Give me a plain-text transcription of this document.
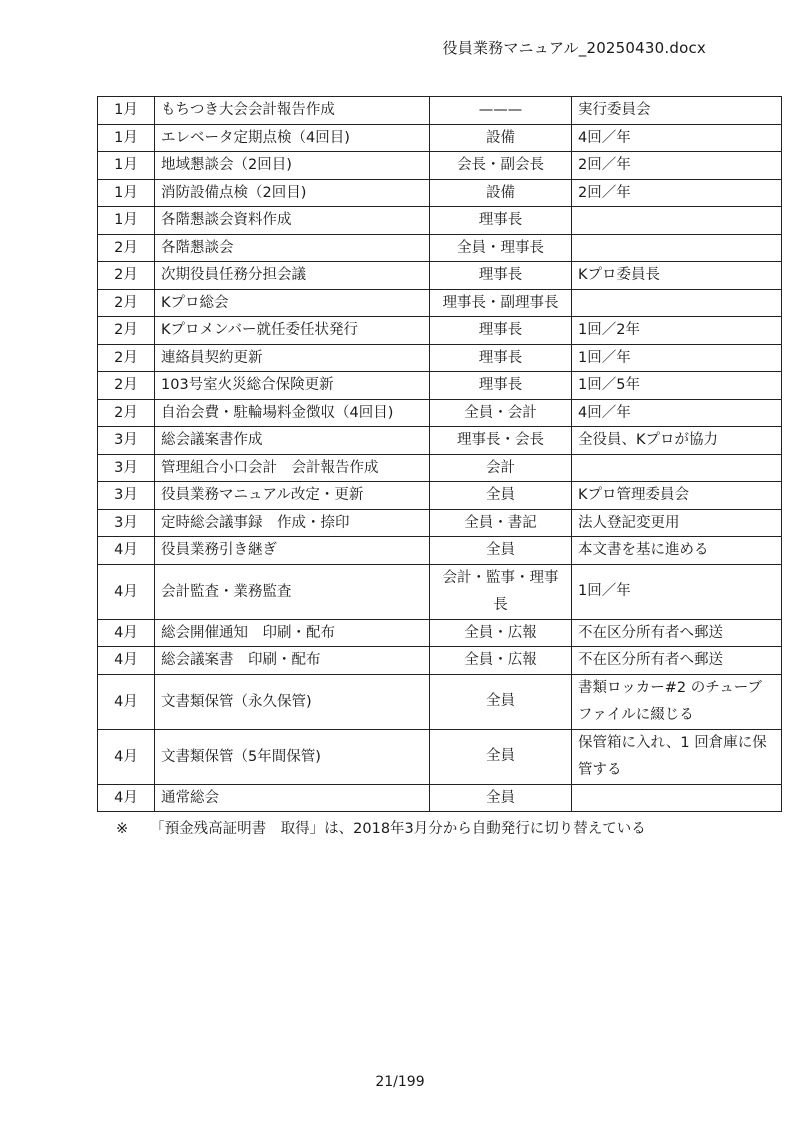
役員業務マニュアル_20250430.docx
1月	もちつき大会会計報告作成	———	実行委員会
1月	エレベータ定期点検（4回目)	設備	4回／年
1月	地域懇談会（2回目)	会長・副会長	2回／年
1月	消防設備点検（2回目)	設備	2回／年
1月	各階懇談会資料作成	理事長	
2月	各階懇談会	全員・理事長	
2月	次期役員任務分担会議	理事長	Kプロ委員長
2月	Kプロ総会	理事長・副理事長	
2月	Kプロメンバー就任委任状発行	理事長	1回／2年
2月	連絡員契約更新	理事長	1回／年
2月	103号室火災総合保険更新	理事長	1回／5年
2月	自治会費・駐輪場料金徴収（4回目)	全員・会計	4回／年
3月	総会議案書作成	理事長・会長	全役員、Kプロが協力
3月	管理組合小口会計　会計報告作成	会計	
3月	役員業務マニュアル改定・更新	全員	Kプロ管理委員会
3月	定時総会議事録　作成・捺印	全員・書記	法人登記変更用
4月	役員業務引き継ぎ	全員	本文書を基に進める
4月	会計監査・業務監査	会計・監事・理事長	1回／年
4月	総会開催通知　印刷・配布	全員・広報	不在区分所有者へ郵送
4月	総会議案書　印刷・配布	全員・広報	不在区分所有者へ郵送
4月	文書類保管（永久保管)	全員	書類ロッカー#2 のチューブファイルに綴じる
4月	文書類保管（5年間保管)	全員	保管箱に入れ、1 回倉庫に保管する
4月	通常総会	全員	
※ 「預金残高証明書　取得」は、2018年3月分から自動発行に切り替えている
21/199
